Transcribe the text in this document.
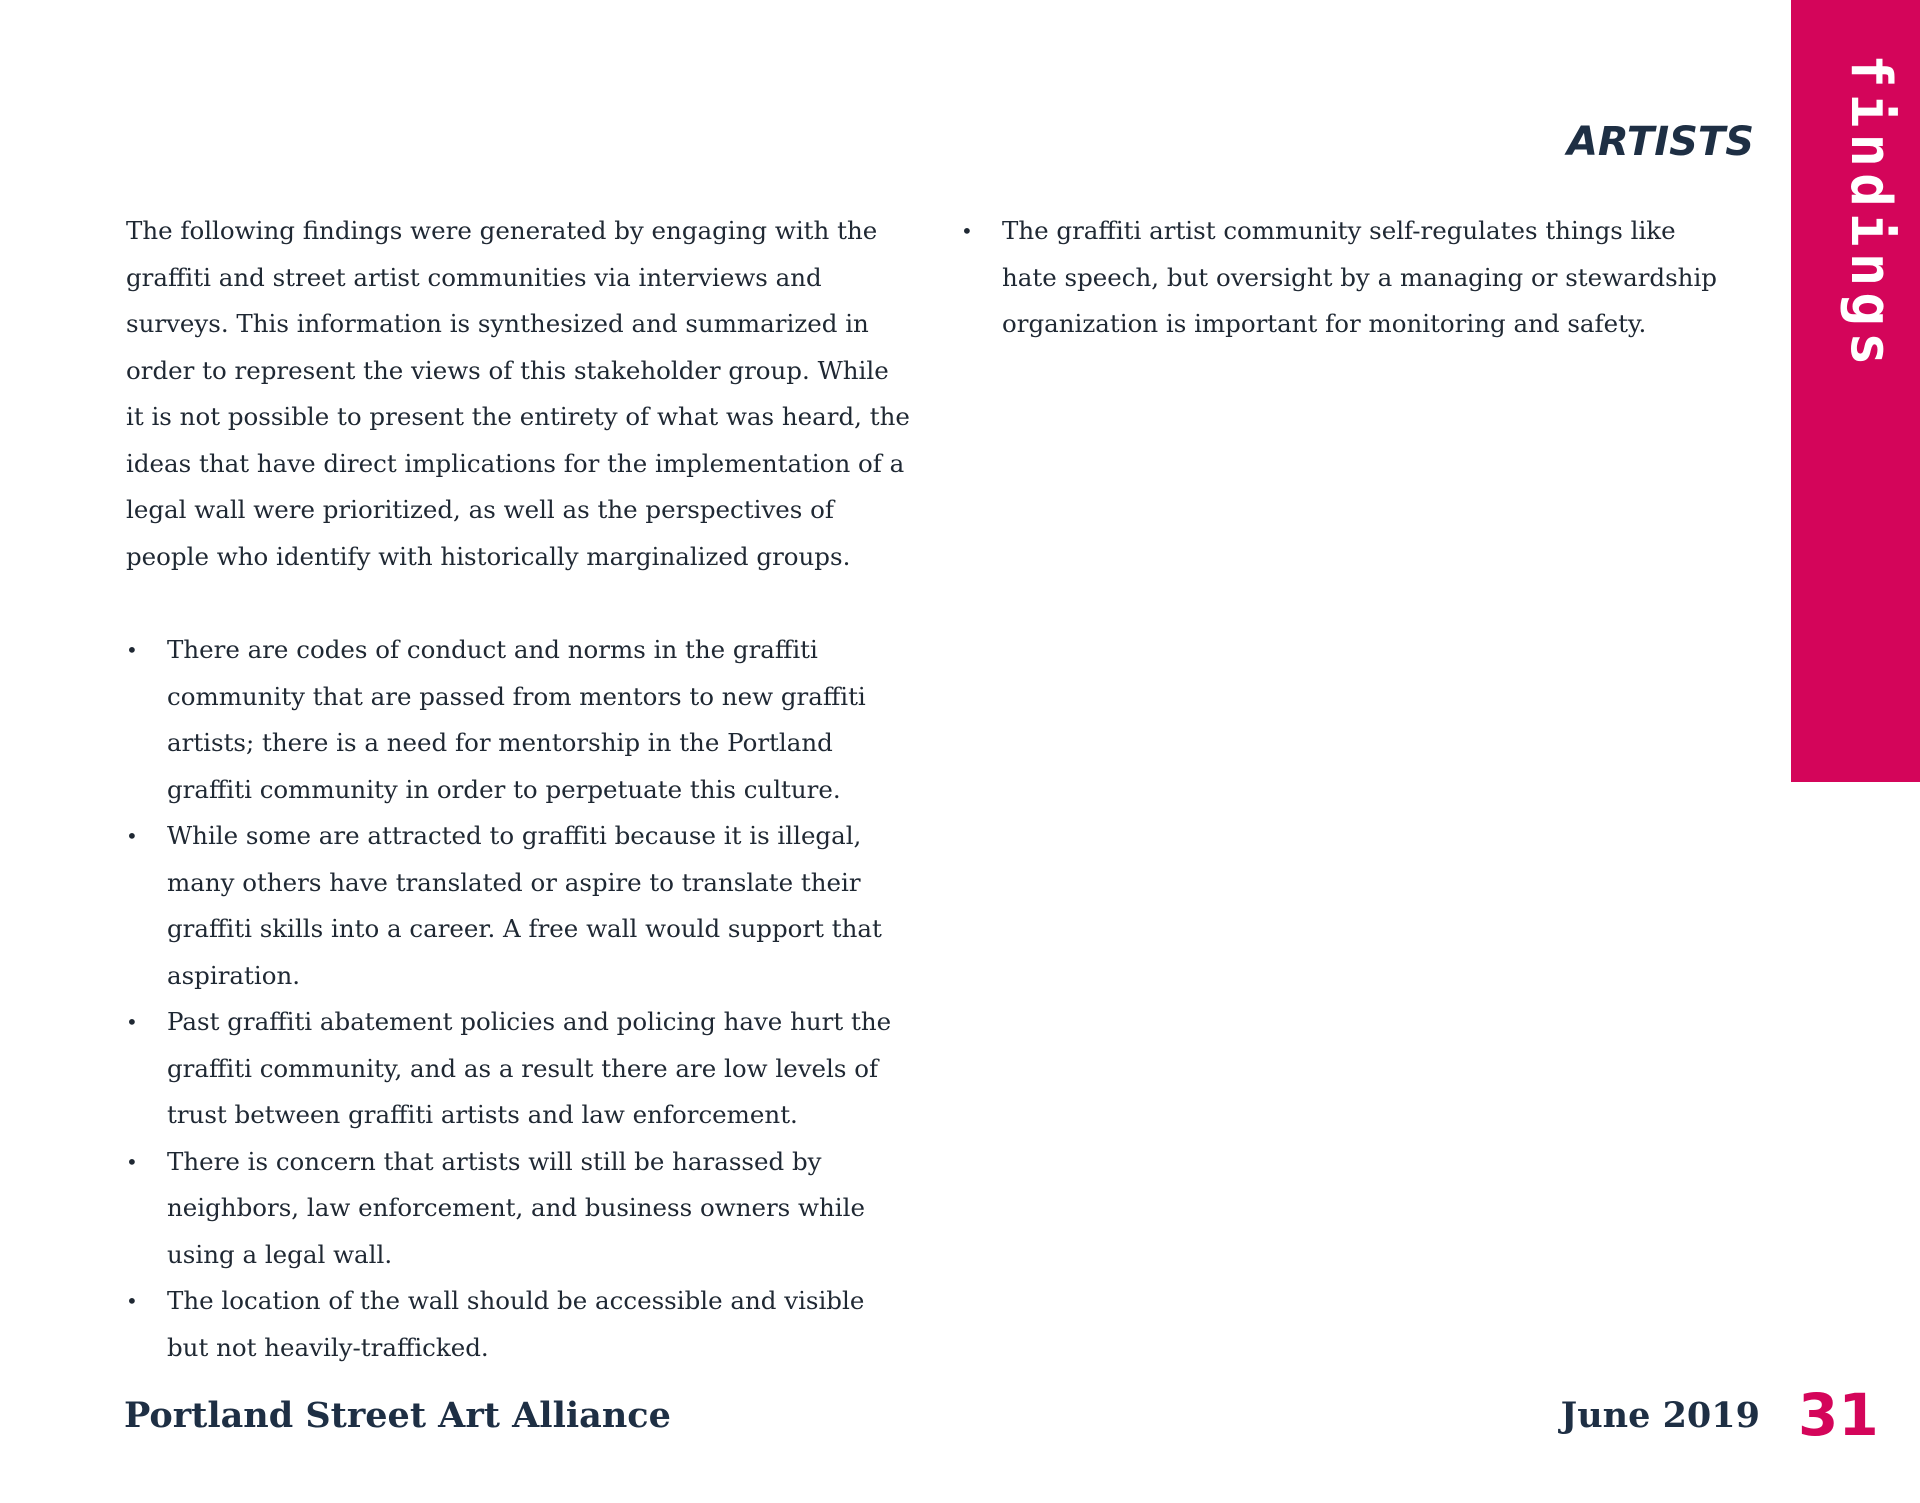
findings
ARTISTS

The following findings were generated by engaging with the graffiti and street artist communities via interviews and surveys. This information is synthesized and summarized in order to represent the views of this stakeholder group. While it is not possible to present the entirety of what was heard, the ideas that have direct implications for the implementation of a legal wall were prioritized, as well as the perspectives of people who identify with historically marginalized groups.

• There are codes of conduct and norms in the graffiti community that are passed from mentors to new graffiti artists; there is a need for mentorship in the Portland graffiti community in order to perpetuate this culture.
• While some are attracted to graffiti because it is illegal, many others have translated or aspire to translate their graffiti skills into a career. A free wall would support that aspiration.
• Past graffiti abatement policies and policing have hurt the graffiti community, and as a result there are low levels of trust between graffiti artists and law enforcement.
• There is concern that artists will still be harassed by neighbors, law enforcement, and business owners while using a legal wall.
• The location of the wall should be accessible and visible but not heavily-trafficked.
• The graffiti artist community self-regulates things like hate speech, but oversight by a managing or stewardship organization is important for monitoring and safety.
Portland Street Art Alliance	June 2019 31
